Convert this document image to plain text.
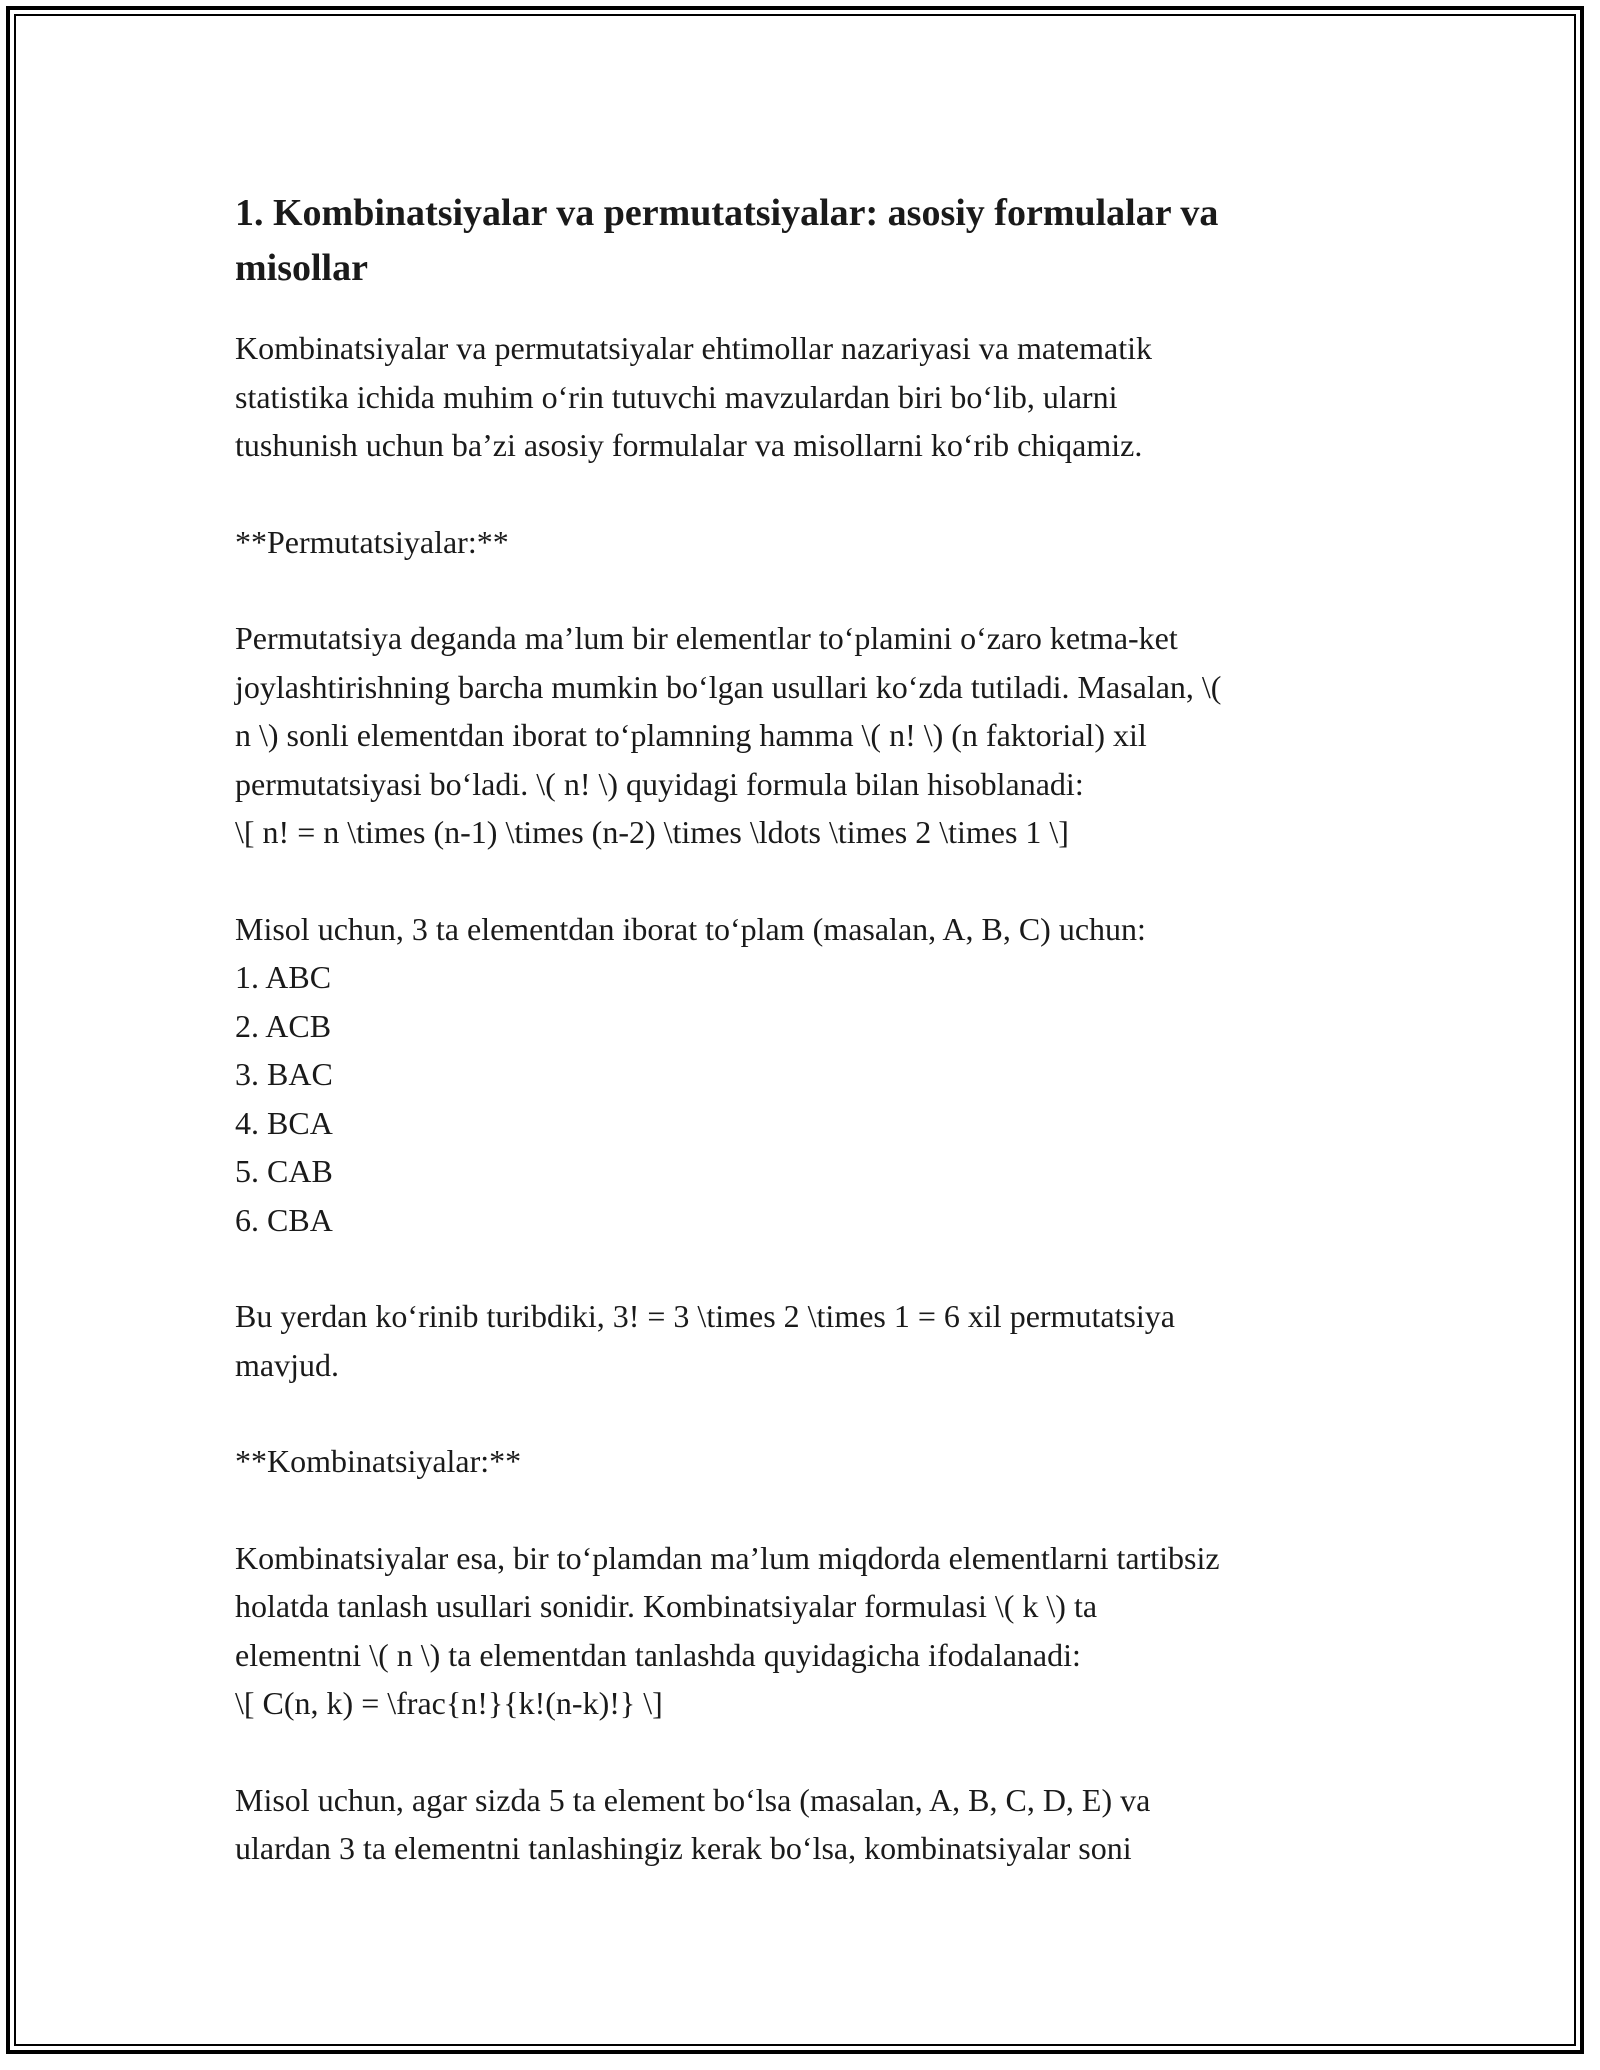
1. Kombinatsiyalar va permutatsiyalar: asosiy formulalar va
misollar

Kombinatsiyalar va permutatsiyalar ehtimollar nazariyasi va matematik
statistika ichida muhim o‘rin tutuvchi mavzulardan biri bo‘lib, ularni
tushunish uchun ba’zi asosiy formulalar va misollarni ko‘rib chiqamiz.

**Permutatsiyalar:**

Permutatsiya deganda ma’lum bir elementlar to‘plamini o‘zaro ketma-ket
joylashtirishning barcha mumkin bo‘lgan usullari ko‘zda tutiladi. Masalan, \(
n \) sonli elementdan iborat to‘plamning hamma \( n! \) (n faktorial) xil
permutatsiyasi bo‘ladi. \( n! \) quyidagi formula bilan hisoblanadi:
\[ n! = n \times (n-1) \times (n-2) \times \ldots \times 2 \times 1 \]

Misol uchun, 3 ta elementdan iborat to‘plam (masalan, A, B, C) uchun:
1. ABC
2. ACB
3. BAC
4. BCA
5. CAB
6. CBA

Bu yerdan ko‘rinib turibdiki, 3! = 3 \times 2 \times 1 = 6 xil permutatsiya
mavjud.

**Kombinatsiyalar:**

Kombinatsiyalar esa, bir to‘plamdan ma’lum miqdorda elementlarni tartibsiz
holatda tanlash usullari sonidir. Kombinatsiyalar formulasi \( k \) ta
elementni \( n \) ta elementdan tanlashda quyidagicha ifodalanadi:
\[ C(n, k) = \frac{n!}{k!(n-k)!} \]

Misol uchun, agar sizda 5 ta element bo‘lsa (masalan, A, B, C, D, E) va
ulardan 3 ta elementni tanlashingiz kerak bo‘lsa, kombinatsiyalar soni
